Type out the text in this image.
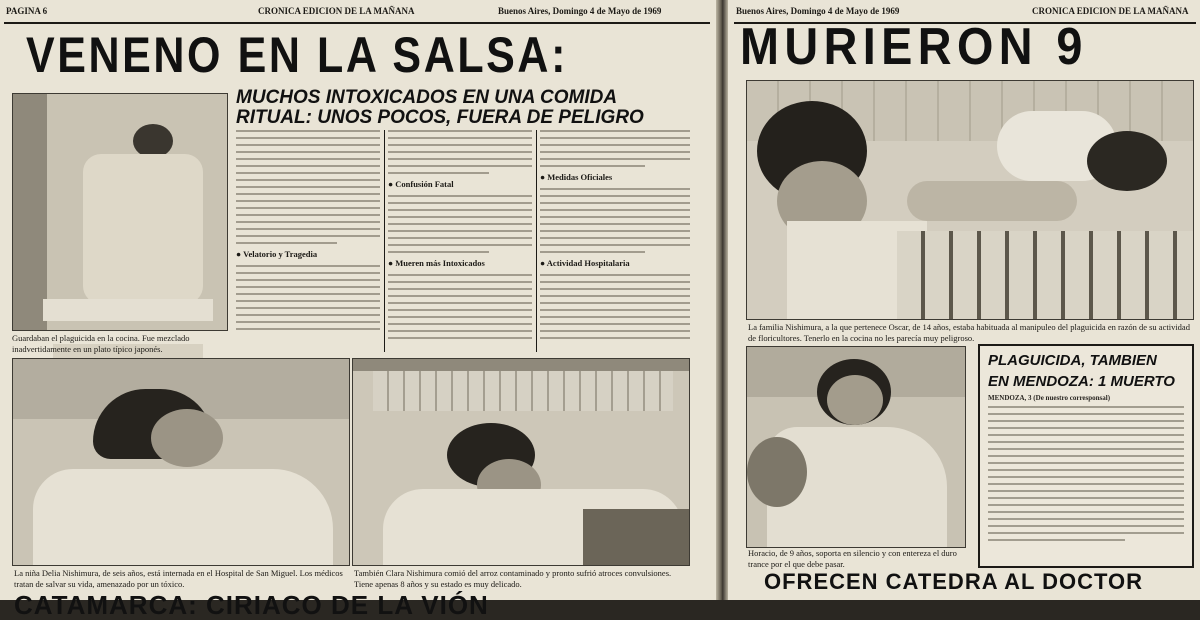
PAGINA 6	CRONICA EDICION DE LA MAÑANA	Buenos Aires, Domingo 4 de Mayo de 1969
VENENO EN LA SALSA:
MUCHOS INTOXICADOS EN UNA COMIDA
RITUAL: UNOS POCOS, FUERA DE PELIGRO
Guardaban el plaguicida en la cocina. Fue mezclado inadvertidamente en un plato típico japonés.
● Velatorio y Tragedia
● Confusión Fatal
● Mueren más Intoxicados
● Medidas Oficiales
● Actividad Hospitalaria
La niña Delia Nishimura, de seis años, está internada en el Hospital de San Miguel. Los médicos tratan de salvar su vida, amenazado por un tóxico.
También Clara Nishimura comió del arroz contaminado y pronto sufrió atroces convulsiones. Tiene apenas 8 años y su estado es muy delicado.
CATAMARCA: CIRIACO DE LA VIÓN
Buenos Aires, Domingo 4 de Mayo de 1969	CRONICA EDICION DE LA MAÑANA
MURIERON 9
La familia Nishimura, a la que pertenece Oscar, de 14 años, estaba habituada al manipuleo del plaguicida en razón de su actividad de floricultores. Tenerlo en la cocina no les parecía muy peligroso.
Horacio, de 9 años, soporta en silencio y con entereza el duro trance por el que debe pasar.
PLAGUICIDA, TAMBIEN
EN MENDOZA: 1 MUERTO
MENDOZA, 3 (De nuestro corresponsal)
OFRECEN CATEDRA AL DOCTOR
